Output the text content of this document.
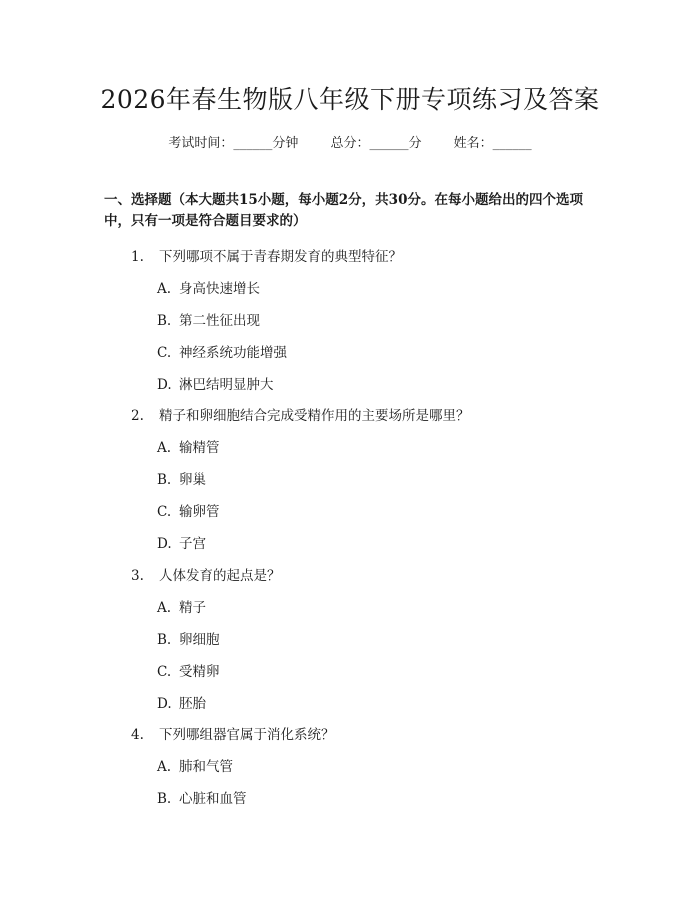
2026年春生物版八年级下册专项练习及答案
考试时间：______分钟 总分：______分 姓名：______
一、选择题（本大题共15小题，每小题2分，共30分。在每小题给出的四个选项中，只有一项是符合题目要求的）
1. 下列哪项不属于青春期发育的典型特征？
A. 身高快速增长
B. 第二性征出现
C. 神经系统功能增强
D. 淋巴结明显肿大
2. 精子和卵细胞结合完成受精作用的主要场所是哪里？
A. 输精管
B. 卵巢
C. 输卵管
D. 子宫
3. 人体发育的起点是？
A. 精子
B. 卵细胞
C. 受精卵
D. 胚胎
4. 下列哪组器官属于消化系统？
A. 肺和气管
B. 心脏和血管
